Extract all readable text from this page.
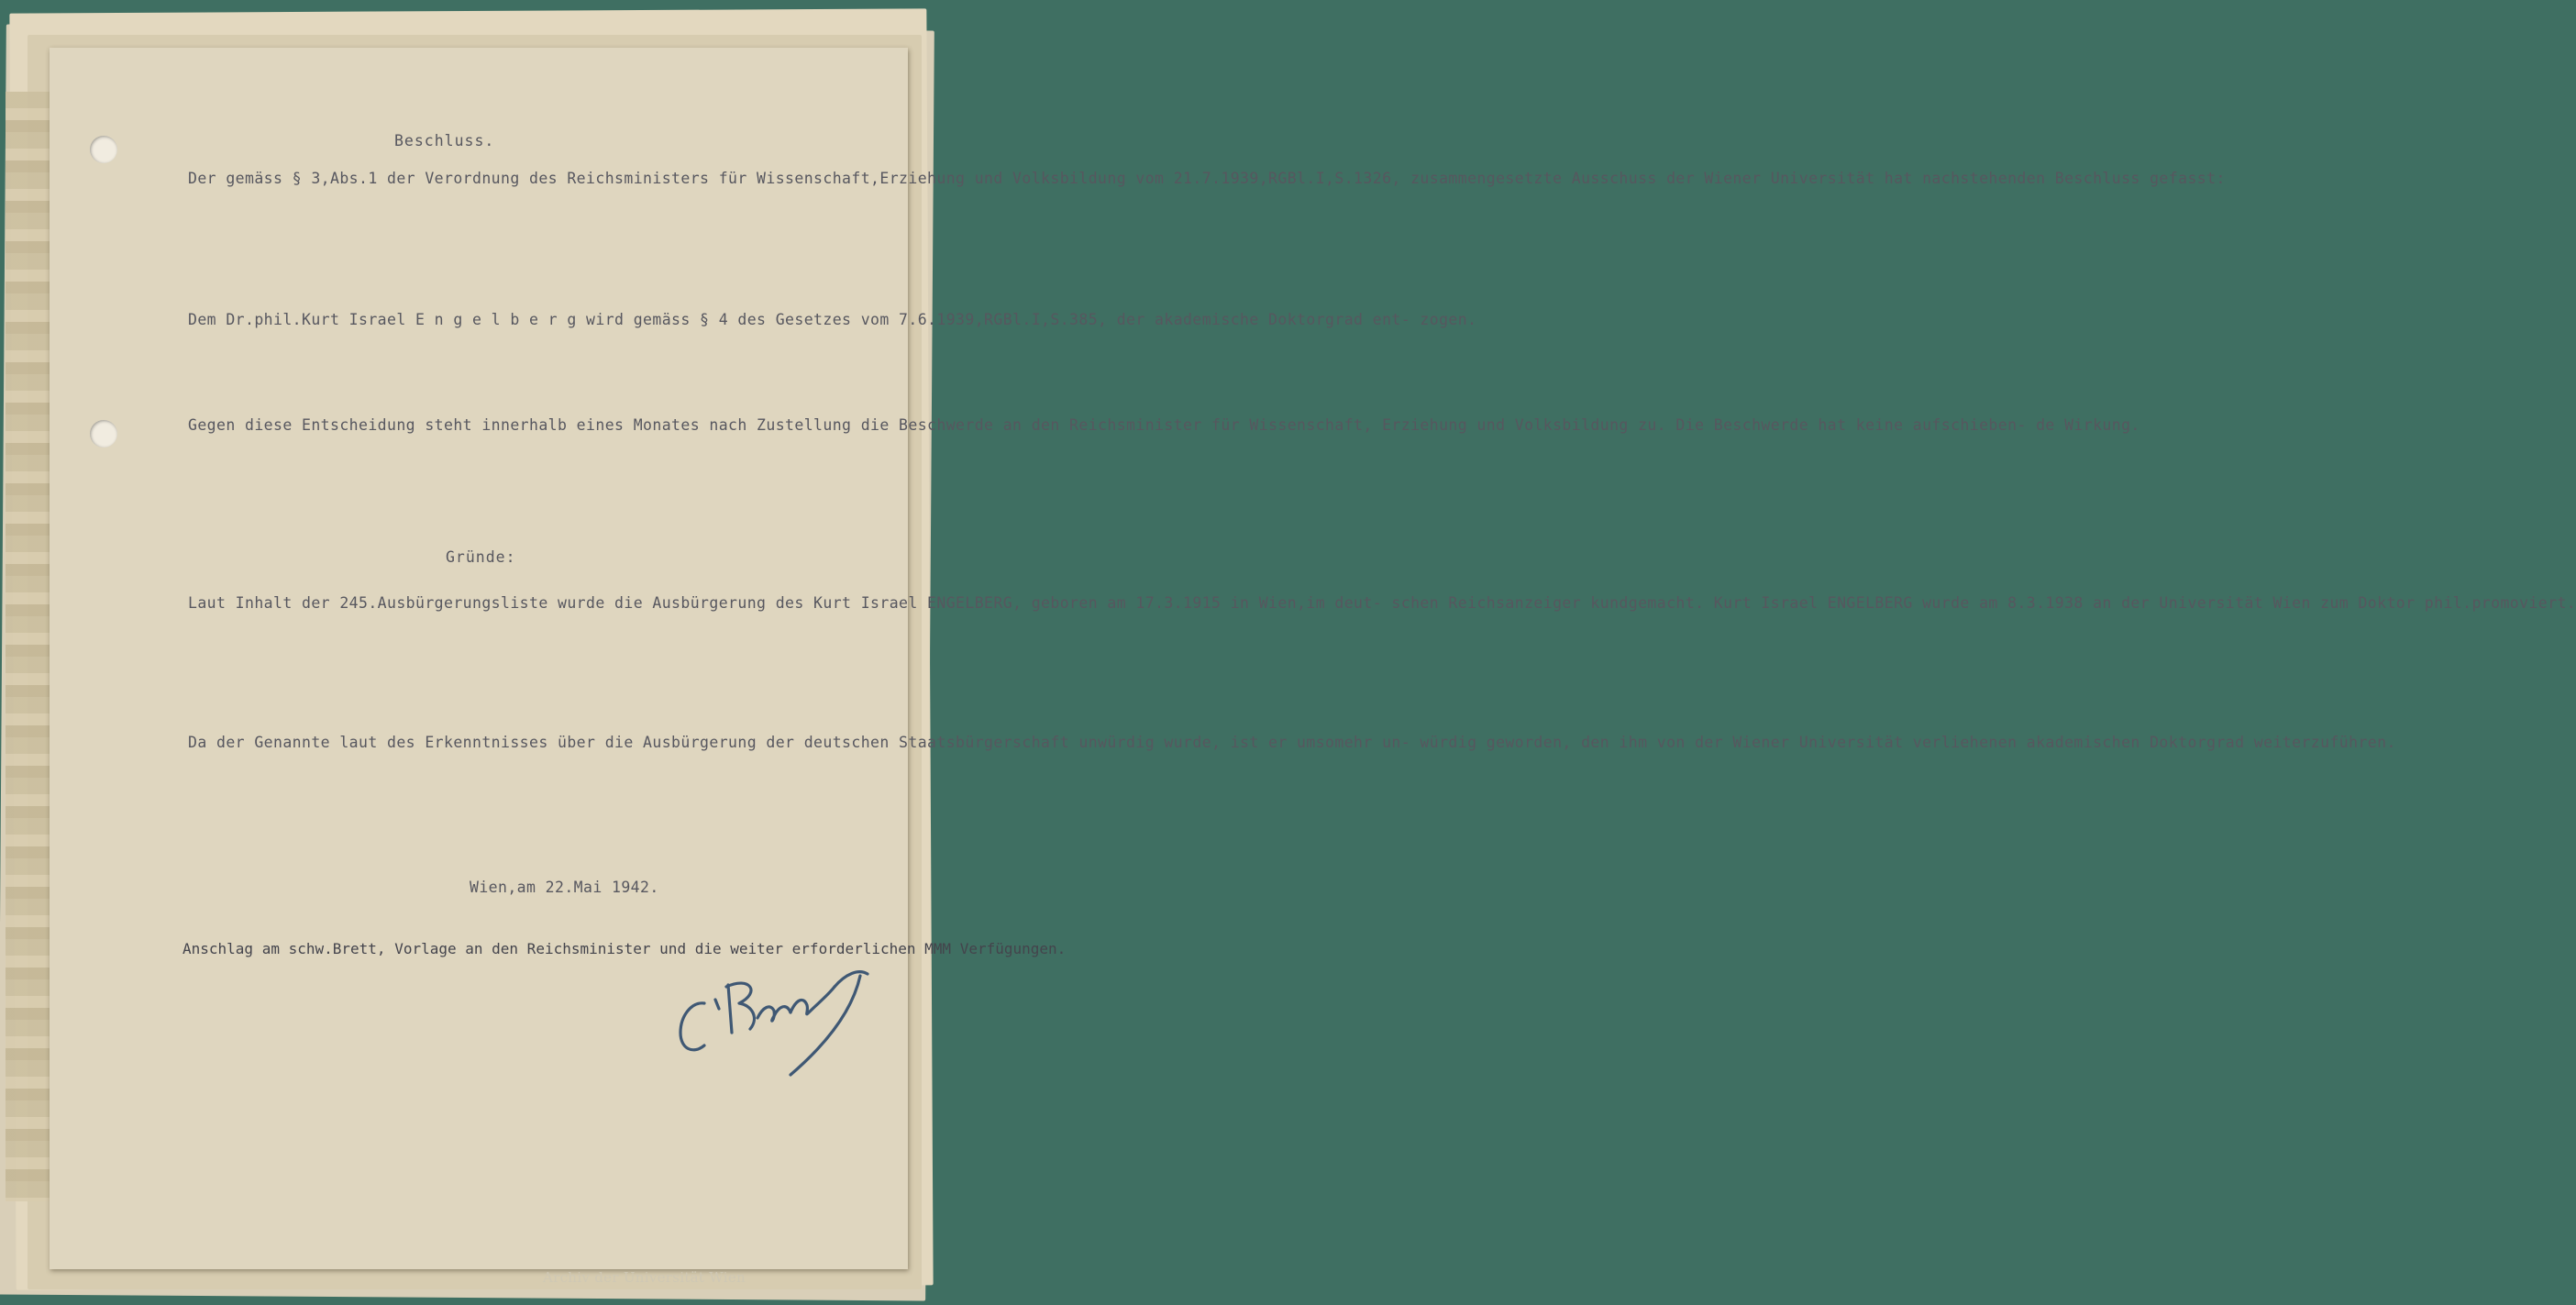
Beschluss.
Der gemäss § 3,Abs.1 der Verordnung des Reichsministers für Wissenschaft,Erziehung und Volksbildung vom 21.7.1939,RGBl.I,S.1326, zusammengesetzte Ausschuss der Wiener Universität hat nachstehenden Beschluss gefasst:
Dem Dr.phil.Kurt Israel E n g e l b e r g wird gemäss § 4 des Gesetzes vom 7.6.1939,RGBl.I,S.385, der akademische Doktorgrad ent- zogen.
Gegen diese Entscheidung steht innerhalb eines Monates nach Zustellung die Beschwerde an den Reichsminister für Wissenschaft, Erziehung und Volksbildung zu. Die Beschwerde hat keine aufschieben- de Wirkung.
Gründe:
Laut Inhalt der 245.Ausbürgerungsliste wurde die Ausbürgerung des Kurt Israel ENGELBERG, geboren am 17.3.1915 in Wien,im deut- schen Reichsanzeiger kundgemacht. Kurt Israel ENGELBERG wurde am 8.3.1938 an der Universität Wien zum Doktor phil.promoviert.
Da der Genannte laut des Erkenntnisses über die Ausbürgerung der deutschen Staatsbürgerschaft unwürdig wurde, ist er umsomehr un- würdig geworden, den ihm von der Wiener Universität verliehenen akademischen Doktorgrad weiterzuführen.
Wien,am 22.Mai 1942.
Anschlag am schw.Brett, Vorlage an den Reichsminister und die weiter erforderlichen MMM Verfügungen.

Archiv der Universität Wien
